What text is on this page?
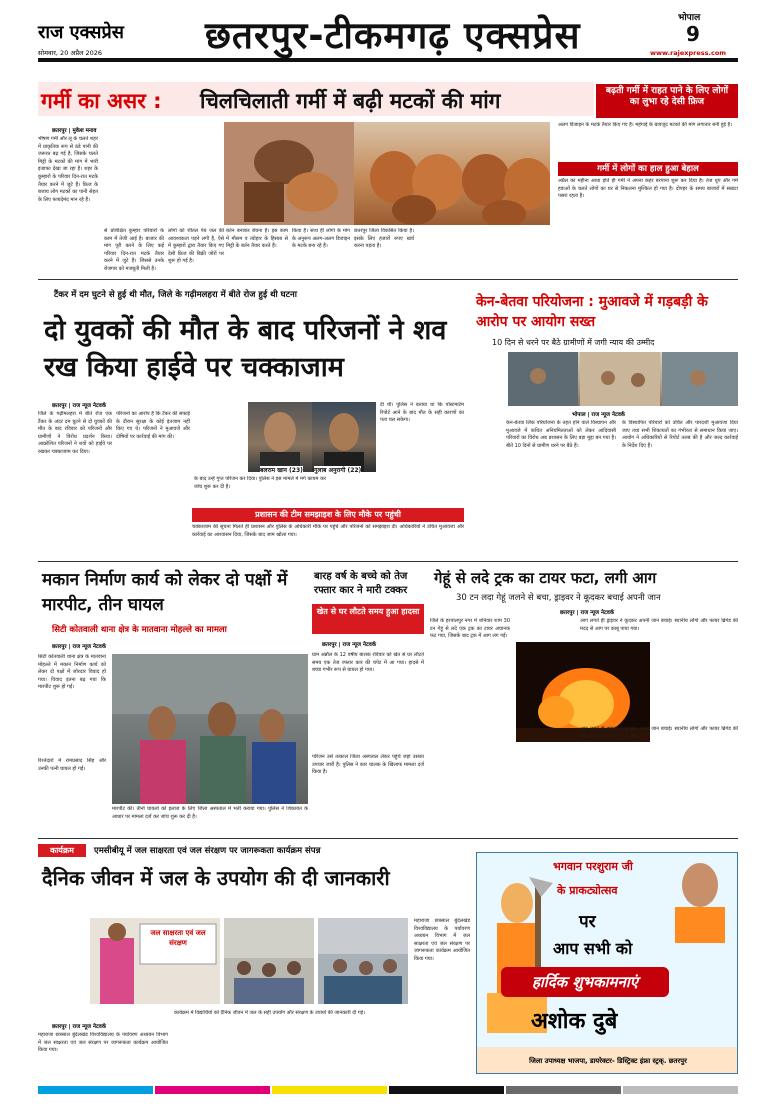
राज एक्सप्रेस
सोमवार, 20 अप्रैल 2026	छतरपुर-टीकमगढ़ एक्सप्रेस	भोपाल
9
www.rajexpress.com
गर्मी का असर : चिलचिलाती गर्मी में बढ़ी मटकों की मांग	बढ़ती गर्मी में राहत पाने के लिए लोगों का लुभा रहे देसी फ्रिज
छतरपुर | मुकेश मनाव
भीषण गर्मी और लू के चलते शहर में प्राकृतिक रूप से ठंडे पानी की जरूरत बढ़ गई है, जिसके चलते मिट्टी के मटकों की मांग में भारी इजाफा देखा जा रहा है। शहर के कुम्हारों के परिवार दिन-रात मटके तैयार करने में जुटे हैं। फ्रिज के बजाय लोग मटकों का पानी सेहत के लिए फायदेमंद मान रहे हैं।
से प्रशिक्षित कुम्हार परिवारों के काम में तेजी आई है। बाजार की मांग पूरी करने के लिए कई परिवार दिन-रात मटके तैयार करने में जुटे हैं। जिससे उनके रोजगार को मजबूती मिली है।
लोगों को शीतल पेय जल की आवश्यकता पड़ने लगी है, ऐसे में कुम्हारों द्वारा तैयार किए गए देसी फ्रिज की बिक्री जोरों पर शुरू हो गई है।
बर्तन बनाकर बेचना है। इस काम में मौसम व त्योहार के हिसाब से मिट्टी के बर्तन तैयार करते हैं।
किया है। साथ ही लोगों के मांग के अनुरूप अलग-अलग डिजाइन के मटके बना रहे हैं।
छतरपुर जिला विकसित किया है। इसके लिए हजारों रुपए खर्च करना पड़ता है।
अलग डिजाइन के मटके तैयार किए गए हैं। महंगाई के बावजूद मटकों की मांग लगातार बनी हुई है।
गर्मी में लोगों का हाल हुआ बेहाल
अप्रैल का महीना आधा होते ही गर्मी ने अपना कहर बरपाना शुरू कर दिया है। तेज धूप और गर्म हवाओं के चलते लोगों का घर से निकलना मुश्किल हो गया है। दोपहर के समय बाजारों में सन्नाटा पसरा रहता है।
टैंकर में दम घुटने से हुई थी मौत, जिले के गढ़ीमलहरा में बीते रोज हुई थी घटना
दो युवकों की मौत के बाद परिजनों ने शव रख किया हाईवे पर चक्काजाम
छतरपुर | राज न्यूज नेटवर्क
जिले के गढ़ीमलहरा में बीते रोज एक टैंकर के अंदर दम घुटने से दो युवकों की मौत के बाद रविवार को परिजनों और ग्रामीणों ने विरोध प्रदर्शन किया। आक्रोशित परिजनों ने शवों को हाईवे पर रखकर चक्काजाम कर दिया।
परिजनों का आरोप है कि टैंकर की सफाई के दौरान सुरक्षा के कोई इंतजाम नहीं किए गए थे। परिजनों ने मुआवजे और दोषियों पर कार्रवाई की मांग की।
बलराम खान (23) गुलाब अनुरागी (22)
के बाद उन्हें गुप्त परिजन कर दिया। पुलिस ने इस मामले में मर्ग कायम कर जांच शुरू कर दी है।
दी थी। पुलिस ने बताया था कि पोस्टमार्टम रिपोर्ट आने के बाद मौत के सही कारणों का पता चल सकेगा।
प्रशासन की टीम समझाइश के लिए मौके पर पहुंची
चक्काजाम की सूचना मिलते ही प्रशासन और पुलिस के अधिकारी मौके पर पहुंचे और परिजनों को समझाइश दी। अधिकारियों ने उचित मुआवजा और कार्रवाई का आश्वासन दिया, जिसके बाद जाम खोला गया।
केन-बेतवा परियोजना : मुआवजे में गड़बड़ी के आरोप पर आयोग सख्त
10 दिन से धरने पर बैठे ग्रामीणों में जगी न्याय की उम्मीद
भोपाल | राज न्यूज नेटवर्क
केन-बेतवा लिंक परियोजना के तहत होने वाले विस्थापन और मुआवजे में कथित अनियमितताओं को लेकर आदिवासी परिवारों का विरोध अब प्रशासन के लिए बड़ा मुद्दा बन गया है। बीते 10 दिनों से ग्रामीण धरने पर बैठे हैं।
के विस्थापित परिवारों को उचित और पारदर्शी मुआवजा दिया जाए तथा सभी शिकायतों का गंभीरता से समाधान किया जाए। आयोग ने अधिकारियों से रिपोर्ट तलब की है और जल्द कार्रवाई के निर्देश दिए हैं।
मकान निर्माण कार्य को लेकर दो पक्षों में मारपीट, तीन घायल
सिटी कोतवाली थाना क्षेत्र के मातवाना मोहल्ले का मामला
छतरपुर | राज न्यूज नेटवर्क
सिटी कोतवाली थाना क्षेत्र के मातवाना मोहल्ले में मकान निर्माण कार्य को लेकर दो पक्षों में जोरदार विवाद हो गया। विवाद इतना बढ़ गया कि मारपीट शुरू हो गई।
रिश्तेदारों में रामप्रसाद सिंह और उनकी पत्नी घायल हो गईं।
मारपीट की। तीनों घायलों को इलाज के लिए जिला अस्पताल में भर्ती कराया गया। पुलिस ने शिकायत के आधार पर मामला दर्ज कर जांच शुरू कर दी है।
बारह वर्ष के बच्चे को तेज रफ्तार कार ने मारी टक्कर
खेत से घर लौटते समय हुआ हादसा
छतरपुर | राज न्यूज नेटवर्क
ग्राम अन्नौल के 12 वर्षीय बालक रविवार को खेत से घर लौटते समय एक तेज रफ्तार कार की चपेट में आ गया। हादसे में बच्चा गंभीर रूप से घायल हो गया।
परिजन उसे तत्काल जिला अस्पताल लेकर पहुंचे जहां उसका उपचार जारी है। पुलिस ने कार चालक के खिलाफ मामला दर्ज किया है।
गेहूं से लदे ट्रक का टायर फटा, लगी आग
30 टन लदा गेहूं जलने से बचा, ड्राइवर ने कूदकर बचाई अपनी जान
छतरपुर | राज न्यूज नेटवर्क
जिले के हरपालपुर नगर में शनिवार शाम 30 टन गेहूं से लदे एक ट्रक का टायर अचानक फट गया, जिसके बाद ट्रक में आग लग गई।
आग लगते ही ड्राइवर ने कूदकर अपनी जान बचाई। स्थानीय लोगों और फायर ब्रिगेड की मदद से आग पर काबू पाया गया।
आग लगते ही ड्राइवर ने कूदकर अपनी जान बचाई। स्थानीय लोगों और फायर ब्रिगेड की मदद से आग पर काबू पाया गया।
कार्यक्रम	एमसीबीयू में जल साक्षरता एवं जल संरक्षण पर जागरूकता कार्यक्रम संपन्न
दैनिक जीवन में जल के उपयोग की दी जानकारी
जल साक्षरता एवं जल संरक्षण
छतरपुर | राज न्यूज नेटवर्क
महाराजा छत्रसाल बुंदेलखंड विश्वविद्यालय के पर्यावरण अध्ययन विभाग में जल साक्षरता एवं जल संरक्षण पर जागरूकता कार्यक्रम आयोजित किया गया।
कार्यक्रम में विद्यार्थियों को दैनिक जीवन में जल के सही उपयोग और संरक्षण के उपायों की जानकारी दी गई।
महाराजा छत्रसाल बुंदेलखंड विश्वविद्यालय के पर्यावरण अध्ययन विभाग में जल साक्षरता एवं जल संरक्षण पर जागरूकता कार्यक्रम आयोजित किया गया।
भगवान परशुराम जी
के प्राकट्योत्सव
पर
आप सभी को
हार्दिक शुभकामनाएं
अशोक दुबे
जिला उपाध्यक्ष भाजपा, डायरेक्टर- डिस्ट्रिक्ट इंफ्रा स्ट्रक्. छतरपुर
